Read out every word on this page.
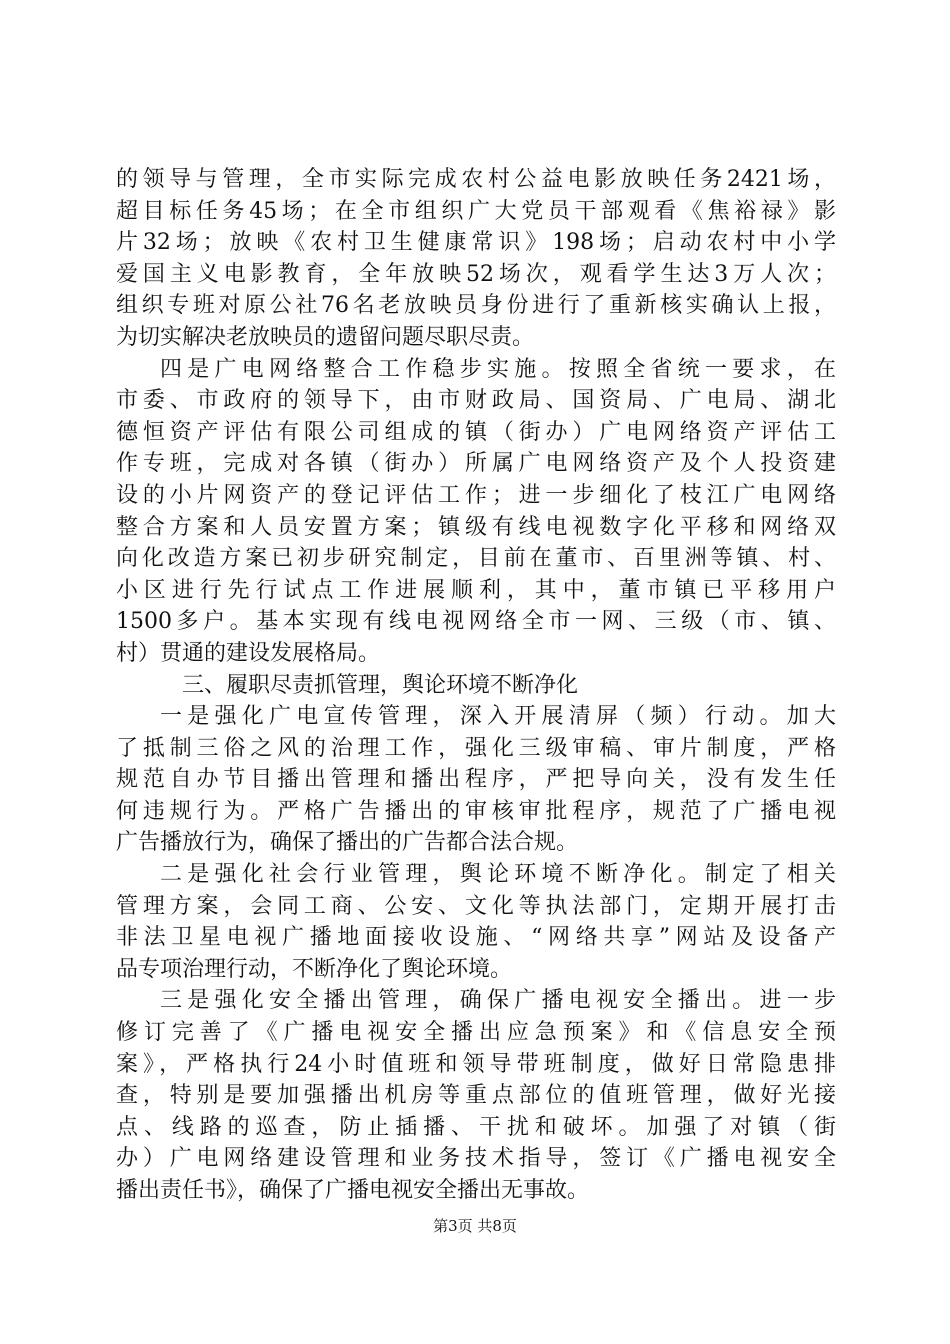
的领导与管理，全市实际完成农村公益电影放映任务2421场，
超目标任务45场；在全市组织广大党员干部观看《焦裕禄》影
片32场；放映《农村卫生健康常识》198场；启动农村中小学
爱国主义电影教育，全年放映52场次，观看学生达3万人次；
组织专班对原公社76名老放映员身份进行了重新核实确认上报，
为切实解决老放映员的遗留问题尽职尽责。
四是广电网络整合工作稳步实施。按照全省统一要求，在
市委、市政府的领导下，由市财政局、国资局、广电局、湖北
德恒资产评估有限公司组成的镇（街办）广电网络资产评估工
作专班，完成对各镇（街办）所属广电网络资产及个人投资建
设的小片网资产的登记评估工作；进一步细化了枝江广电网络
整合方案和人员安置方案；镇级有线电视数字化平移和网络双
向化改造方案已初步研究制定，目前在董市、百里洲等镇、村、
小区进行先行试点工作进展顺利，其中，董市镇已平移用户
1500多户。基本实现有线电视网络全市一网、三级（市、镇、
村）贯通的建设发展格局。
三、履职尽责抓管理，舆论环境不断净化
一是强化广电宣传管理，深入开展清屏（频）行动。加大
了抵制三俗之风的治理工作，强化三级审稿、审片制度，严格
规范自办节目播出管理和播出程序，严把导向关，没有发生任
何违规行为。严格广告播出的审核审批程序，规范了广播电视
广告播放行为，确保了播出的广告都合法合规。
二是强化社会行业管理，舆论环境不断净化。制定了相关
管理方案，会同工商、公安、文化等执法部门，定期开展打击
非法卫星电视广播地面接收设施、“网络共享”网站及设备产
品专项治理行动，不断净化了舆论环境。
三是强化安全播出管理，确保广播电视安全播出。进一步
修订完善了《广播电视安全播出应急预案》和《信息安全预
案》，严格执行24小时值班和领导带班制度，做好日常隐患排
查，特别是要加强播出机房等重点部位的值班管理，做好光接
点、线路的巡查，防止插播、干扰和破坏。加强了对镇（街
办）广电网络建设管理和业务技术指导，签订《广播电视安全
播出责任书》，确保了广播电视安全播出无事故。
第3页 共8页
